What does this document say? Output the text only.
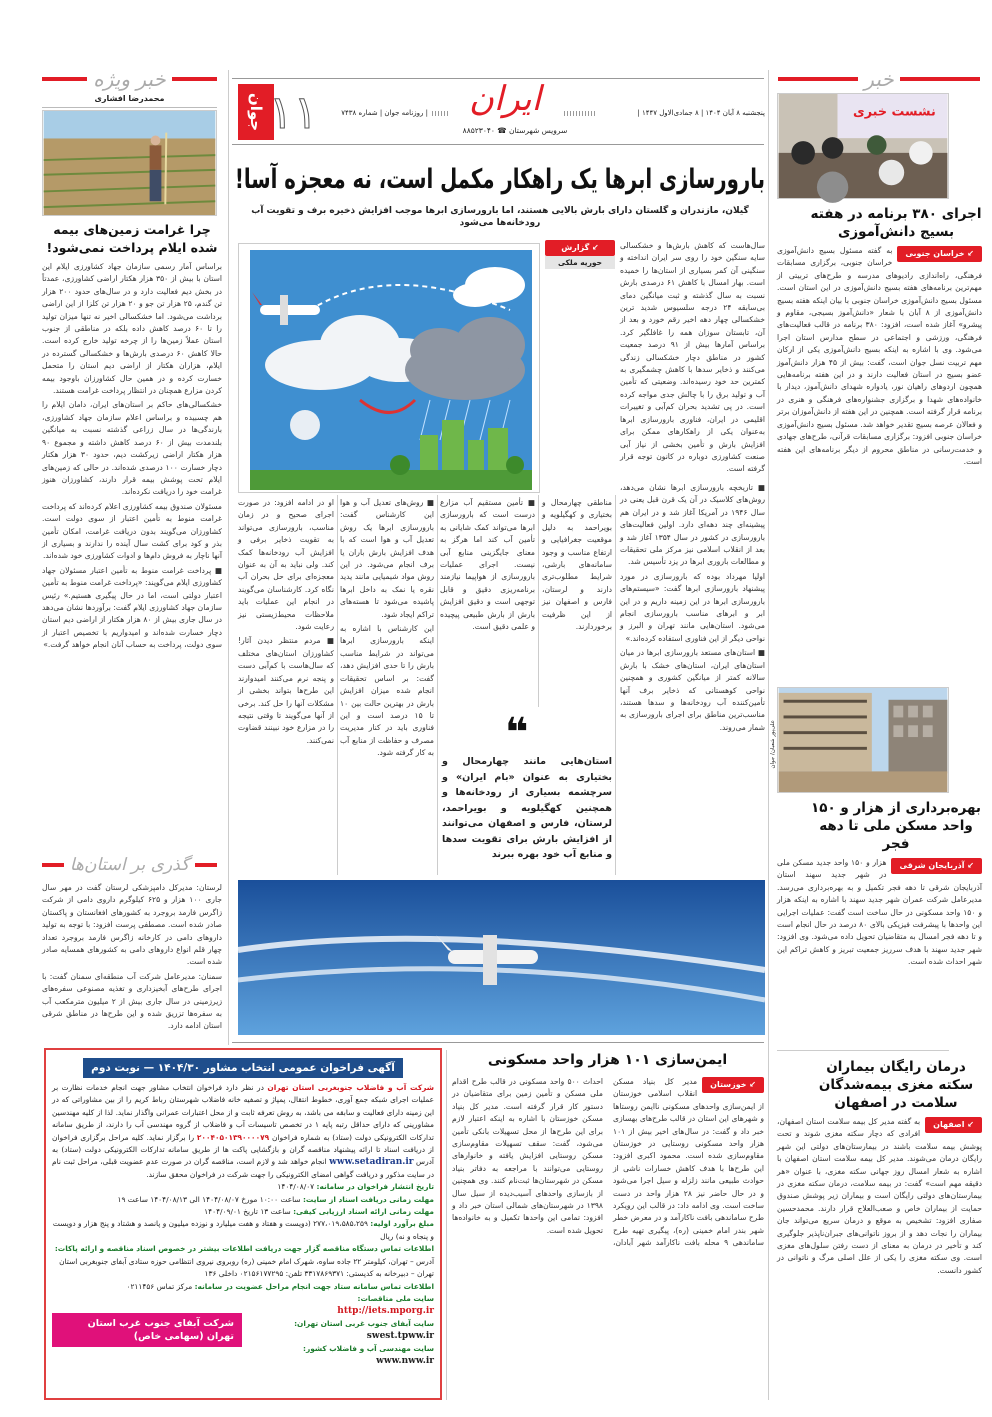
جوان ۱۱	ایران
سرویس شهرستان ☎ ۸۸۵۲۳۰۴۰
پنجشنبه ۸ آبان ۱۴۰۴ | ۸ جمادی‌الاول ۱۴۴۷ |
| روزنامه جوان | شماره ۷۴۳۸
بارورسازی ابرها یک راهکار مکمل است، نه معجزه آسا!
گیلان، مازندران و گلستان دارای بارش بالایی هستند، اما بارورسازی ابرها موجب افزایش ذخیره برف و تقویت آب رودخانه‌ها می‌شود
↙ گزارش
حوریه ملکی
سال‌هاست که کاهش بارش‌ها و خشکسالی سایه سنگین خود را روی سر ایران انداخته و سنگینی آن کمر بسیاری از استان‌ها را خمیده است. بهار امسال با کاهش ۶۱ درصدی بارش نسبت به سال گذشته و ثبت میانگین دمای بی‌سابقه ۲۴ درجه سلسیوس شدید ترین خشکسالی چهار دهه اخیر رقم خورد و بعد از آن، تابستان سوزان همه را غافلگیر کرد. براساس آمارها بیش از ۹۱ درصد جمعیت کشور در مناطق دچار خشکسالی زندگی می‌کنند و ذخایر سدها با کاهش چشمگیری به کمترین حد خود رسیده‌اند. وضعیتی که تأمین آب و تولید برق را با چالش جدی مواجه کرده است. در پی تشدید بحران کم‌آبی و تغییرات اقلیمی در ایران، فناوری بارورسازی ابرها به‌عنوان یکی از راهکارهای ممکن برای افزایش بارش و تأمین بخشی از نیاز آبی صنعت کشاورزی دوباره در کانون توجه قرار گرفته است.

■ تاریخچه بارورسازی ابرها نشان می‌دهد، روش‌های کلاسیک در آن یک قرن قبل یعنی در سال ۱۹۴۶ در آمریکا آغاز شد و در ایران هم پیشینه‌ای چند دهه‌ای دارد. اولین فعالیت‌های بارورسازی در کشور در سال ۱۳۵۴ آغاز شد و بعد از انقلاب اسلامی نیز مرکز ملی تحقیقات و مطالعات باروری ابرها در یزد تأسیس شد.

اولیا مهرداد بوده که بارورسازی در مورد پیشنهاد بارورسازی ابرها گفت: «سیستم‌های بارورسازی ابرها در این زمینه داریم و در این ابر و ابرهای مناسب بارورسازی انجام می‌شود. استان‌هایی مانند تهران و البرز و نواحی دیگر از این فناوری استفاده کرده‌اند.»

■ استان‌های مستعد بارورسازی ابرها در میان استان‌های ایران، استان‌های خشک با بارش سالانه کمتر از میانگین کشوری و همچنین نواحی کوهستانی که ذخایر برف آنها تأمین‌کننده آب رودخانه‌ها و سدها هستند، مناسب‌ترین مناطق برای اجرای بارورسازی به شمار می‌روند.

مناطقی چهارمحال و بختیاری و کهگیلویه و بویراحمد به دلیل موقعیت جغرافیایی و ارتفاع مناسب و وجود سامانه‌های بارشی، شرایط مطلوب‌تری دارند و لرستان، فارس و اصفهان نیز از این ظرفیت برخوردارند.

■ تأمین مستقیم آب مزارع درست است که بارورسازی ابرها می‌تواند کمک شایانی به تأمین آب کند اما هرگز به معنای جایگزینی منابع آبی نیست. اجرای عملیات بارورسازی از هواپیما نیازمند برنامه‌ریزی دقیق و قابل توجهی است و دقیق افزایش بارش از بارش طبیعی پیچیده و علمی دقیق است.

■ روش‌های تعدیل آب و هوا این کارشناس گفت: بارورسازی ابرها یک روش تعدیل آب و هوا است که با هدف افزایش بارش باران یا برف انجام می‌شود. در این روش مواد شیمیایی مانند یدید نقره یا نمک به داخل ابرها پاشیده می‌شود تا هسته‌های تراکم ایجاد شود.

این کارشناس با اشاره به اینکه بارورسازی ابرها می‌تواند در شرایط مناسب بارش را تا حدی افزایش دهد، گفت: بر اساس تحقیقات انجام شده میزان افزایش بارش در بهترین حالت بین ۱۰ تا ۱۵ درصد است و این فناوری باید در کنار مدیریت مصرف و حفاظت از منابع آب به کار گرفته شود.

او در ادامه افزود: در صورت اجرای صحیح و در زمان مناسب، بارورسازی می‌تواند به تقویت ذخایر برفی و افزایش آب رودخانه‌ها کمک کند. ولی نباید به آن به عنوان معجزه‌ای برای حل بحران آب نگاه کرد. کارشناسان می‌گویند در انجام این عملیات باید ملاحظات محیط‌زیستی نیز رعایت شود.

■ مردم منتظر دیدن آثار! کشاورزان استان‌های مختلف که سال‌هاست با کم‌آبی دست و پنجه نرم می‌کنند امیدوارند این طرح‌ها بتواند بخشی از مشکلات آنها را حل کند. برخی از آنها می‌گویند تا وقتی نتیجه را در مزارع خود نبینند قضاوت نمی‌کنند.	❝
استان‌هایی مانند چهارمحال و بختیاری به عنوان «بام ایران» و سرچشمه بسیاری از رودخانه‌ها و همچنین کهگیلویه و بویراحمد، لرستان، فارس و اصفهان می‌توانند از افزایش بارش برای تقویت سدها و منابع آب خود بهره ببرند
خبر ویژه
محمدرضا افشاری
چرا غرامت زمین‌های بیمه شده ایلام پرداخت نمی‌شود!

براساس آمار رسمی سازمان جهاد کشاورزی ایلام این استان با بیش از ۳۵۰ هزار هکتار اراضی کشاورزی، عمدتاً در بخش دیم فعالیت دارد و در سال‌های حدود ۲۰۰ هزار تن گندم، ۲۵ هزار تن جو و ۲۰ هزار تن کلزا از این اراضی برداشت می‌شود. اما خشکسالی اخیر نه تنها میزان تولید را تا ۶۰ درصد کاهش داده بلکه در مناطقی از جنوب استان عملاً زمین‌ها را از چرخه تولید خارج کرده است. حالا کاهش ۶۰ درصدی بارش‌ها و خشکسالی گسترده در ایلام، هزاران هکتار از اراضی دیم استان را متحمل خسارت کرده و در همین حال کشاورزان باوجود بیمه کردن مزارع همچنان در انتظار پرداخت غرامت هستند.

خشکسالی‌های حاکم بر استان‌های ایران، دامان ایلام را هم چسبیده و براساس اعلام سازمان جهاد کشاورزی، بارندگی‌ها در سال زراعی گذشته نسبت به میانگین بلندمدت بیش از ۶۰ درصد کاهش داشته و مجموع ۹۰ هزار هکتار اراضی زیرکشت دیم، حدود ۳۰ هزار هکتار دچار خسارت ۱۰۰ درصدی شده‌اند. در حالی که زمین‌های ایلام تحت پوشش بیمه قرار دارند، کشاورزان هنوز غرامت خود را دریافت نکرده‌اند.

مسئولان صندوق بیمه کشاورزی اعلام کرده‌اند که پرداخت غرامت منوط به تأمین اعتبار از سوی دولت است. کشاورزان می‌گویند بدون دریافت غرامت، امکان تأمین بذر و کود برای کشت سال آینده را ندارند و بسیاری از آنها ناچار به فروش دام‌ها و ادوات کشاورزی خود شده‌اند.

■ پرداخت غرامت منوط به تأمین اعتبار مسئولان جهاد کشاورزی ایلام می‌گویند: «پرداخت غرامت منوط به تأمین اعتبار دولتی است، اما در حال پیگیری هستیم.» رئیس سازمان جهاد کشاورزی ایلام گفت: برآوردها نشان می‌دهد در سال جاری بیش از ۸۰ هزار هکتار از اراضی دیم استان دچار خسارت شده‌اند و امیدواریم با تخصیص اعتبار از سوی دولت، پرداخت به حساب آنان انجام خواهد گرفت.»

گذری بر استان‌ها

لرستان: مدیرکل دامپزشکی لرستان گفت در مهر سال جاری ۱۰۰ هزار و ۶۲۵ کیلوگرم داروی دامی از شرکت زاگرس فارمد بروجرد به کشورهای افغانستان و پاکستان صادر شده است. مصطفی پرست افزود: با توجه به تولید داروهای دامی در کارخانه زاگرس فارمد بروجرد تعداد چهار قلم انواع داروهای دامی به کشورهای همسایه صادر شده است.

سمنان: مدیرعامل شرکت آب منطقه‌ای سمنان گفت: با اجرای طرح‌های آبخیزداری و تغذیه مصنوعی سفره‌های زیرزمینی در سال جاری بیش از ۲ میلیون مترمکعب آب به سفره‌ها تزریق شده و این طرح‌ها در مناطق شرقی استان ادامه دارد.

خبر
نشست خبری
اجرای ۳۸۰ برنامه در هفته بسیج دانش‌آموزی
↙ خراسان جنوبی
به گفته مسئول بسیج دانش‌آموزی خراسان جنوبی، برگزاری مسابقات فرهنگی، راه‌اندازی رادیوهای مدرسه و طرح‌های تربیتی از مهم‌ترین برنامه‌های هفته بسیج دانش‌آموزی در این استان است. مسئول بسیج دانش‌آموزی خراسان جنوبی با بیان اینکه هفته بسیج دانش‌آموزی از ۸ آبان با شعار «دانش‌آموز بسیجی، مقاوم و پیشرو» آغاز شده است، افزود: ۳۸۰ برنامه در قالب فعالیت‌های فرهنگی، ورزشی و اجتماعی در سطح مدارس استان اجرا می‌شود. وی با اشاره به اینکه بسیج دانش‌آموزی یکی از ارکان مهم تربیت نسل جوان است، گفت: بیش از ۴۵ هزار دانش‌آموز عضو بسیج در استان فعالیت دارند و در این هفته برنامه‌هایی همچون اردوهای راهیان نور، یادواره شهدای دانش‌آموز، دیدار با خانواده‌های شهدا و برگزاری جشنواره‌های فرهنگی و هنری در برنامه قرار گرفته است. همچنین در این هفته از دانش‌آموزان برتر و فعالان عرصه بسیج تقدیر خواهد شد. مسئول بسیج دانش‌آموزی خراسان جنوبی افزود: برگزاری مسابقات قرآنی، طرح‌های جهادی و خدمت‌رسانی در مناطق محروم از دیگر برنامه‌های این هفته است.
علی‌پور شعبان/ جوان
بهره‌برداری از هزار و ۱۵۰ واحد مسکن ملی تا دهه فجر
↙ آذربایجان شرقی
هزار و ۱۵۰ واحد جدید مسکن ملی در شهر جدید سهند استان آذربایجان شرقی تا دهه فجر تکمیل و به بهره‌برداری می‌رسد. مدیرعامل شرکت عمران شهر جدید سهند با اشاره به اینکه هزار و ۱۵۰ واحد مسکونی در حال ساخت است گفت: عملیات اجرایی این واحدها با پیشرفت فیزیکی بالای ۸۰ درصد در حال انجام است و تا دهه فجر امسال به متقاضیان تحویل داده می‌شود. وی افزود: شهر جدید سهند با هدف سرریز جمعیت تبریز و کاهش تراکم این شهر احداث شده است.
درمان رایگان بیماران سکته مغزی بیمه‌شدگان سلامت در اصفهان
↙ اصفهان
به گفته مدیر کل بیمه سلامت استان اصفهان، افرادی که دچار سکته مغزی شوند و تحت پوشش بیمه سلامت باشند در بیمارستان‌های دولتی این شهر رایگان درمان می‌شوند. مدیر کل بیمه سلامت استان اصفهان با اشاره به شعار امسال روز جهانی سکته مغزی، با عنوان «هر دقیقه مهم است» گفت: در بیمه سلامت، درمان سکته مغزی در بیمارستان‌های دولتی رایگان است و بیماران زیر پوشش صندوق حمایت از بیماران خاص و صعب‌العلاج قرار دارند. محمدحسین صفاری افزود: تشخیص به موقع و درمان سریع می‌تواند جان بیماران را نجات دهد و از بروز ناتوانی‌های جبران‌ناپذیر جلوگیری کند و تأخیر در درمان به معنای از دست رفتن سلول‌های مغزی است. وی سکته مغزی را یکی از علل اصلی مرگ و ناتوانی در کشور دانست.
ایمن‌سازی ۱۰۱ هزار واحد مسکونی
↙ خوزستان
مدیر کل بنیاد مسکن انقلاب اسلامی خوزستان از ایمن‌سازی واحدهای مسکونی ناایمن روستاها و شهرهای این استان در قالب طرح‌های بهسازی خبر داد و گفت: در سال‌های اخیر بیش از ۱۰۱ هزار واحد مسکونی روستایی در خوزستان مقاوم‌سازی شده است. محمود اکبری افزود: این طرح‌ها با هدف کاهش خسارات ناشی از حوادث طبیعی مانند زلزله و سیل اجرا می‌شود و در حال حاضر نیز ۲۸ هزار واحد در دست ساخت است. وی ادامه داد: در قالب این رویکرد طرح ساماندهی بافت ناکارآمد و در معرض خطر شهر بندر امام خمینی (ره)، پیگیری تهیه طرح ساماندهی ۹ محله بافت ناکارآمد شهر آبادان، احداث ۵۰۰ واحد مسکونی در قالب طرح اقدام ملی مسکن و تأمین زمین برای متقاضیان در دستور کار قرار گرفته است. مدیر کل بنیاد مسکن خوزستان با اشاره به اینکه اعتبار لازم برای این طرح‌ها از محل تسهیلات بانکی تأمین می‌شود، گفت: سقف تسهیلات مقاوم‌سازی مسکن روستایی افزایش یافته و خانوارهای روستایی می‌توانند با مراجعه به دفاتر بنیاد مسکن در شهرستان‌ها ثبت‌نام کنند. وی همچنین از بازسازی واحدهای آسیب‌دیده از سیل سال ۱۳۹۸ در شهرستان‌های شمالی استان خبر داد و افزود: تمامی این واحدها تکمیل و به خانواده‌ها تحویل شده است.
آگهی فراخوان عمومی انتخاب مشاور ۱۴۰۴/۳۰ — نوبت دوم
شرکت آب و فاضلاب جنوبغربی استان تهران در نظر دارد فراخوان انتخاب مشاور جهت انجام خدمات نظارت بر عملیات اجرای شبکه جمع آوری، خطوط انتقال، پمپاژ و تصفیه خانه فاضلاب شهرستان رباط کریم را از بین مشاوراتی که در این زمینه دارای فعالیت و سابقه می باشد، به روش تعرفه ثابت و از محل اعتبارات عمرانی واگذار نماید. لذا از کلیه مهندسین مشاورینی که دارای حداقل رتبه پایه ۱ در تخصص تاسیسات آب و فاضلاب از گروه مهندسی آب را دارند، از طریق سامانه تدارکات الکترونیکی دولت (ستاد) به شماره فراخوان ۲۰۰۴۰۵۰۱۳۹۰۰۰۰۷۹ را برگزار نماید. کلیه مراحل برگزاری فراخوان از دریافت اسناد تا ارائه پیشنهاد مناقصه گران و بازگشایی پاکت ها از طریق سامانه تدارکات الکترونیکی دولت (ستاد) به آدرس www.setadiran.ir انجام خواهد شد و لازم است، مناقصه گران در صورت عدم عضویت قبلی، مراحل ثبت نام در سایت مذکور و دریافت گواهی امضای الکترونیکی را جهت شرکت در فراخوان محقق سازند.
تاریخ انتشار فراخوان در سامانه: ۱۴۰۴/۰۸/۰۷
مهلت زمانی دریافت اسناد از سایت: ساعت ۱۰:۰۰ مورخ ۱۴۰۴/۰۸/۰۷ الی ۱۴۰۴/۰۸/۱۳ ساعت ۱۹
مهلت زمانی ارائه اسناد ارزیابی کیفی: ساعت ۱۳ تاریخ ۱۴۰۴/۰۹/۰۱
مبلغ برآورد اولیه: ۲۷۷،۰۱۹،۵۸۵،۲۵۹ (دویست و هفتاد و هفت میلیارد و نوزده میلیون و پانصد و هشتاد و پنج هزار و دویست و پنجاه و نه) ریال
اطلاعات تماس دستگاه مناقصه گزار جهت دریافت اطلاعات بیشتر در خصوص اسناد مناقصه و ارائه پاکات: آدرس – تهران، کیلومتر ۲۲ جاده ساوه، شهرک امام خمینی (ره) روبروی نیروی انتظامی حوزه ستادی آبفای جنوبغربی استان تهران – دبیرخانه به کدپستی: ۳۳۱۷۸۶۹۳۷۱ تلفن: ۰۲۱۵۶۱۷۷۲۹۵ داخلی ۱۳۶
اطلاعات تماس سامانه ستاد جهت انجام مراحل عضویت در سامانه: مرکز تماس ۰۲۱۱۴۵۶
شرکت آبفای جنوب غرب استان تهران (سهامی خاص)
سایت ملی مناقصات: http://iets.mporg.ir
سایت آبفای جنوب غربی استان تهران: swest.tpww.ir
سایت مهندسی آب و فاضلاب کشور: www.nww.ir
